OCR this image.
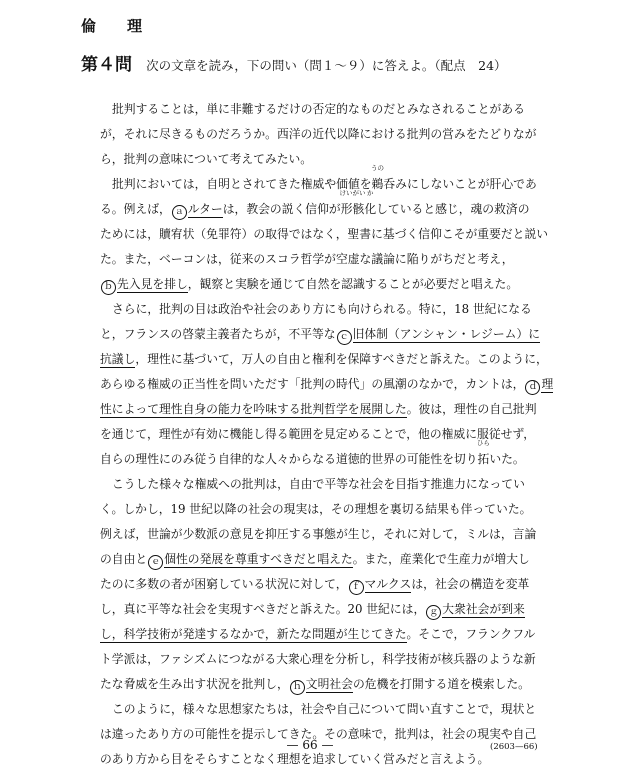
倫　理
第４問 次の文章を読み，下の問い（問１～９）に答えよ。（配点　24）
批判することは，単に非難するだけの否定的なものだとみなされることがある
が，それに尽きるものだろうか。西洋の近代以降における批判の営みをたどりなが
ら，批判の意味について考えてみたい。
批判においては，自明とされてきた権威や価値を鵜
うの
呑みにしないことが肝心であ
る。例えば， ａ ルターは，教会の説く信仰が形骸
けいがい
化
か
していると感じ，魂の救済の
ためには，贖宥状（免罪符）の取得ではなく，聖書に基づく信仰こそが重要だと説い
た。また，ベーコンは，従来のスコラ哲学が空虚な議論に陥りがちだと考え，
ｂ 先入見を排し，観察と実験を通じて自然を認識することが必要だと唱えた。
さらに，批判の目は政治や社会のあり方にも向けられる。特に，18 世紀になる
と，フランスの啓蒙主義者たちが，不平等な ｃ 旧体制（アンシャン・レジーム）に
抗議し，理性に基づいて，万人の自由と権利を保障すべきだと訴えた。このように，
あらゆる権威の正当性を問いただす「批判の時代」の風潮のなかで，カントは， ｄ 理
性によって理性自身の能力を吟味する批判哲学を展開した。彼は，理性の自己批判
を通じて，理性が有効に機能し得る範囲を見定めることで，他の権威に服従せず，
自らの理性にのみ従う自律的な人々からなる道徳的世界の可能性を切り拓
ひら
いた。
こうした様々な権威への批判は，自由で平等な社会を目指す推進力になってい
く。しかし，19 世紀以降の社会の現実は，その理想を裏切る結果も伴っていた。
例えば，世論が少数派の意見を抑圧する事態が生じ，それに対して，ミルは，言論
の自由と ｅ 個性の発展を尊重すべきだと唱えた。また，産業化で生産力が増大し
たのに多数の者が困窮している状況に対して， ｆ マルクスは，社会の構造を変革
し，真に平等な社会を実現すべきだと訴えた。20 世紀には， ｇ 大衆社会が到来
し，科学技術が発達するなかで，新たな問題が生じてきた。そこで，フランクフル
ト学派は，ファシズムにつながる大衆心理を分析し，科学技術が核兵器のような新
たな脅威を生み出す状況を批判し， ｈ 文明社会の危機を打開する道を模索した。
このように，様々な思想家たちは，社会や自己について問い直すことで，現状と
は違ったあり方の可能性を提示してきた。その意味で，批判は，社会の現実や自己
のあり方から目をそらすことなく理想を追求していく営みだと言えよう。
— 66 —	(2603—66)
